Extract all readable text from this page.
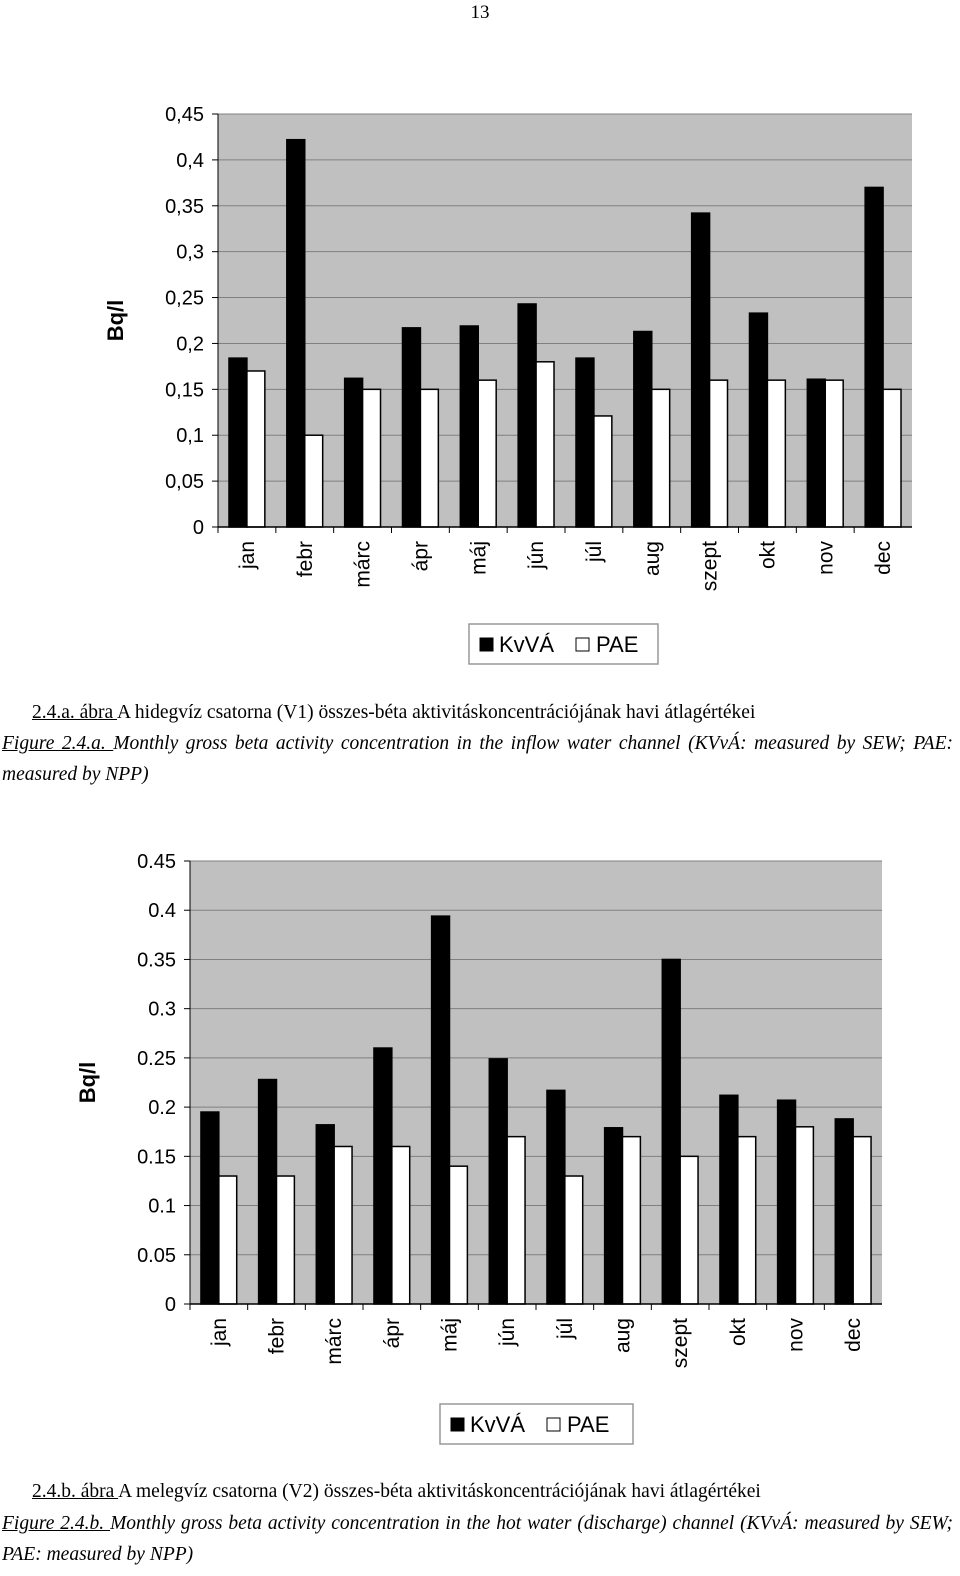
13
0
0,05
0,1
0,15
0,2
0,25
0,3
0,35
0,4
0,45
Bq/l
jan febr márc ápr máj jún júl aug szept okt nov dec
KvVÁ PAE
2.4.a. ábra A hidegvíz csatorna (V1) összes-béta aktivitáskoncentrációjának havi átlagértékei
Figure 2.4.a. Monthly gross beta activity concentration in the inflow water channel (KVvÁ: measured by SEW; PAE: measured by NPP)
0
0.05
0.1
0.15
0.2
0.25
0.3
0.35
0.4
0.45
Bq/l
jan febr márc ápr máj jún júl aug szept okt nov dec
KvVÁ PAE
2.4.b. ábra A melegvíz csatorna (V2) összes-béta aktivitáskoncentrációjának havi átlagértékei
Figure 2.4.b. Monthly gross beta activity concentration in the hot water (discharge) channel (KVvÁ: measured by SEW; PAE: measured by NPP)
